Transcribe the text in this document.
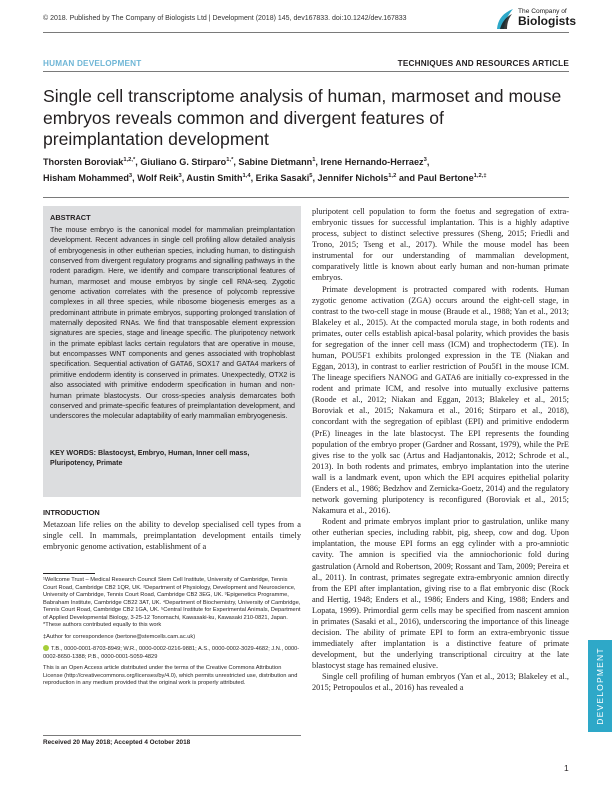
© 2018. Published by The Company of Biologists Ltd | Development (2018) 145, dev167833. doi:10.1242/dev.167833
The Company of
Biologists
HUMAN DEVELOPMENT	TECHNIQUES AND RESOURCES ARTICLE
Single cell transcriptome analysis of human, marmoset and mouse embryos reveals common and divergent features of preimplantation development
Thorsten Boroviak$^{1,2,*}$, Giuliano G. Stirparo$^{1,*}$, Sabine Dietmann$^1$, Irene Hernando-Herraez$^3$,
Hisham Mohammed$^3$, Wolf Reik$^3$, Austin Smith$^{1,4}$, Erika Sasaki$^5$, Jennifer Nichols$^{1,2}$ and Paul Bertone$^{1,2,\ddagger}$
ABSTRACT

The mouse embryo is the canonical model for mammalian preimplantation development. Recent advances in single cell profiling allow detailed analysis of embryogenesis in other eutherian species, including human, to distinguish conserved from divergent regulatory programs and signalling pathways in the rodent paradigm. Here, we identify and compare transcriptional features of human, marmoset and mouse embryos by single cell RNA-seq. Zygotic genome activation correlates with the presence of polycomb repressive complexes in all three species, while ribosome biogenesis emerges as a predominant attribute in primate embryos, supporting prolonged translation of maternally deposited RNAs. We find that transposable element expression signatures are species, stage and lineage specific. The pluripotency network in the primate epiblast lacks certain regulators that are operative in mouse, but encompasses WNT components and genes associated with trophoblast specification. Sequential activation of GATA6, SOX17 and GATA4 markers of primitive endoderm identity is conserved in primates. Unexpectedly, OTX2 is also associated with primitive endoderm specification in human and non-human primate blastocysts. Our cross-species analysis demarcates both conserved and primate-specific features of preimplantation development, and underscores the molecular adaptability of early mammalian embryogenesis.

KEY WORDS: Blastocyst, Embryo, Human, Inner cell mass, Pluripotency, Primate

INTRODUCTION

Metazoan life relies on the ability to develop specialised cell types from a single cell. In mammals, preimplantation development entails timely embryonic genome activation, establishment of a

¹Wellcome Trust – Medical Research Council Stem Cell Institute, University of Cambridge, Tennis Court Road, Cambridge CB2 1QR, UK. ²Department of Physiology, Development and Neuroscience, University of Cambridge, Tennis Court Road, Cambridge CB2 3EG, UK. ³Epigenetics Programme, Babraham Institute, Cambridge CB22 3AT, UK. ⁴Department of Biochemistry, University of Cambridge, Tennis Court Road, Cambridge CB2 1GA, UK. ⁵Central Institute for Experimental Animals, Department of Applied Developmental Biology, 3-25-12 Tonomachi, Kawasaki-ku, Kawasaki 210-0821, Japan.

*These authors contributed equally to this work

‡Author for correspondence (bertone@stemcells.cam.ac.uk)

T.B., 0000-0001-8703-8949; W.R., 0000-0002-0216-9881; A.S., 0000-0002-3029-4682; J.N., 0000-0002-8650-1388; P.B., 0000-0001-5059-4829

This is an Open Access article distributed under the terms of the Creative Commons Attribution License (http://creativecommons.org/licenses/by/4.0), which permits unrestricted use, distribution and reproduction in any medium provided that the original work is properly attributed.

Received 20 May 2018; Accepted 4 October 2018

pluripotent cell population to form the foetus and segregation of extra-embryonic tissues for successful implantation. This is a highly adaptive process, subject to distinct selective pressures (Sheng, 2015; Friedli and Trono, 2015; Tseng et al., 2017). While the mouse model has been instrumental for our understanding of mammalian development, comparatively little is known about early human and non-human primate embryos.

Primate development is protracted compared with rodents. Human zygotic genome activation (ZGA) occurs around the eight-cell stage, in contrast to the two-cell stage in mouse (Braude et al., 1988; Yan et al., 2013; Blakeley et al., 2015). At the compacted morula stage, in both rodents and primates, outer cells establish apical-basal polarity, which provides the basis for segregation of the inner cell mass (ICM) and trophectoderm (TE). In human, POU5F1 exhibits prolonged expression in the TE (Niakan and Eggan, 2013), in contrast to earlier restriction of Pou5f1 in the mouse ICM. The lineage specifiers NANOG and GATA6 are initially co-expressed in the rodent and primate ICM, and resolve into mutually exclusive patterns (Roode et al., 2012; Niakan and Eggan, 2013; Blakeley et al., 2015; Boroviak et al., 2015; Nakamura et al., 2016; Stirparo et al., 2018), concordant with the segregation of epiblast (EPI) and primitive endoderm (PrE) lineages in the late blastocyst. The EPI represents the founding population of the embryo proper (Gardner and Rossant, 1979), while the PrE gives rise to the yolk sac (Artus and Hadjantonakis, 2012; Schrode et al., 2013). In both rodents and primates, embryo implantation into the uterine wall is a landmark event, upon which the EPI acquires epithelial polarity (Enders et al., 1986; Bedzhov and Zernicka-Goetz, 2014) and the regulatory network governing pluripotency is reconfigured (Boroviak et al., 2015; Nakamura et al., 2016).

Rodent and primate embryos implant prior to gastrulation, unlike many other eutherian species, including rabbit, pig, sheep, cow and dog. Upon implantation, the mouse EPI forms an egg cylinder with a pro-amniotic cavity. The amnion is specified via the amniochorionic fold during gastrulation (Arnold and Robertson, 2009; Rossant and Tam, 2009; Pereira et al., 2011). In contrast, primates segregate extra-embryonic amnion directly from the EPI after implantation, giving rise to a flat embryonic disc (Rock and Hertig, 1948; Enders et al., 1986; Enders and King, 1988; Enders and Lopata, 1999). Primordial germ cells may be specified from nascent amnion in primates (Sasaki et al., 2016), underscoring the importance of this lineage decision. The ability of primate EPI to form an extra-embryonic tissue immediately after implantation is a distinctive feature of primate development, but the underlying transcriptional circuitry at the late blastocyst stage has remained elusive.

Single cell profiling of human embryos (Yan et al., 2013; Blakeley et al., 2015; Petropoulos et al., 2016) has revealed a	DEVELOPMENT
1
